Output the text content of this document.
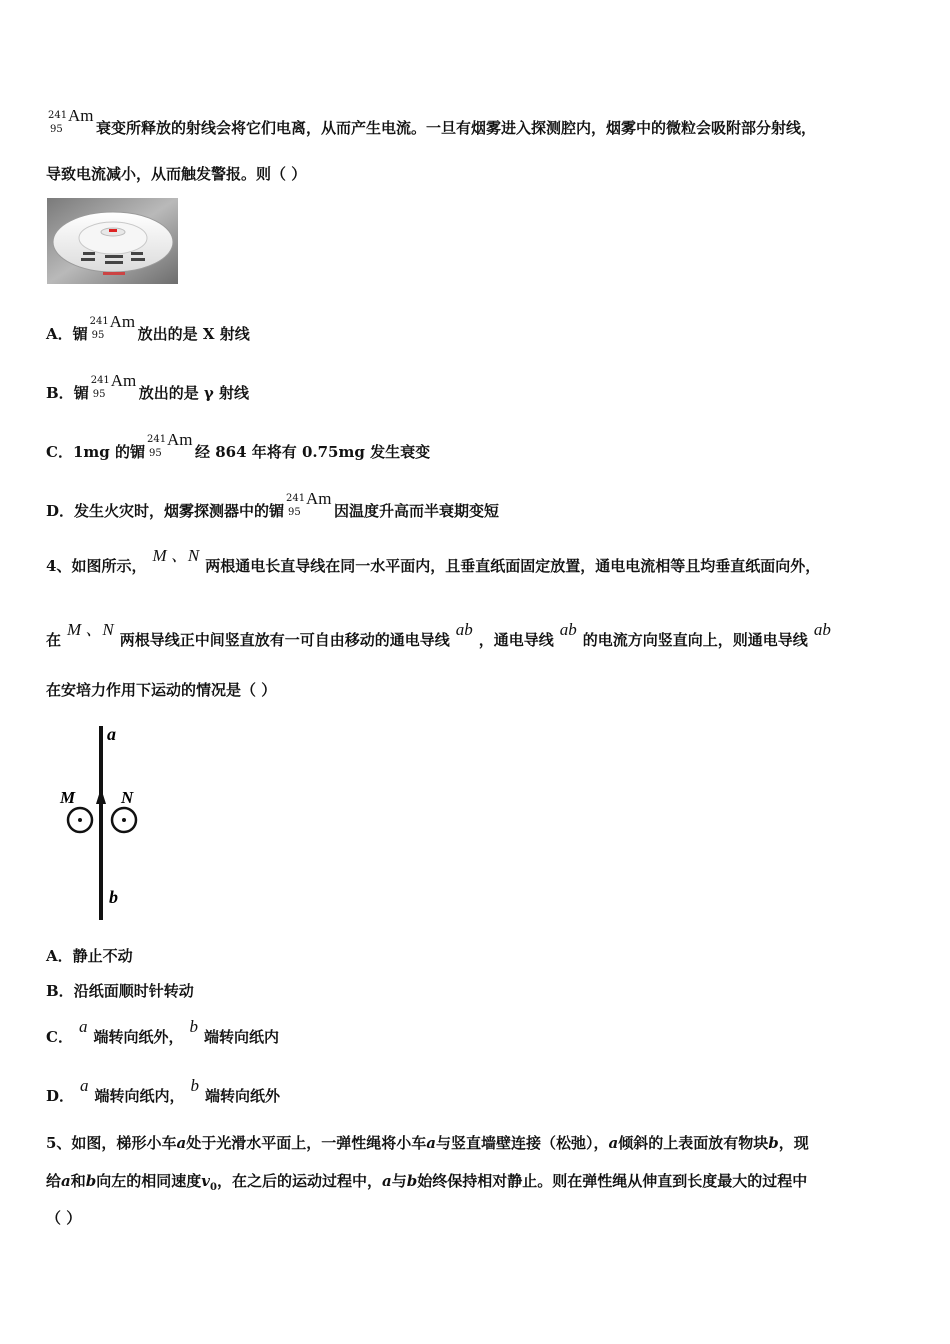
241
95
Am
衰变所释放的射线会将它们电离，从而产生电流。一旦有烟雾进入探测腔内，烟雾中的微粒会吸附部分射线，
导致电流减小，从而触发警报。则（ ）
A．镅
241
95
Am
放出的是 X 射线
B．镅
241
95
Am
放出的是 γ 射线
C．1mg 的镅
241
95
Am
经 864 年将有 0.75mg 发生衰变
D．发生火灾时，烟雾探测器中的镅
241
95
Am
因温度升高而半衰期变短
4、如图所示，M 、N两根通电长直导线在同一水平面内，且垂直纸面固定放置，通电电流相等且均垂直纸面向外，
在M 、N两根导线正中间竖直放有一可自由移动的通电导线ab，通电导线ab的电流方向竖直向上，则通电导线ab
在安培力作用下运动的情况是（ ）
a
b
M	N
A．静止不动
B．沿纸面顺时针转动
C．a端转向纸外，b端转向纸内
D．a端转向纸内，b端转向纸外
5、如图，梯形小车a处于光滑水平面上，一弹性绳将小车a与竖直墙壁连接（松弛），a倾斜的上表面放有物块b，现
给a和b向左的相同速度$v_0$，在之后的运动过程中，a与b始终保持相对静止。则在弹性绳从伸直到长度最大的过程中
（ ）
